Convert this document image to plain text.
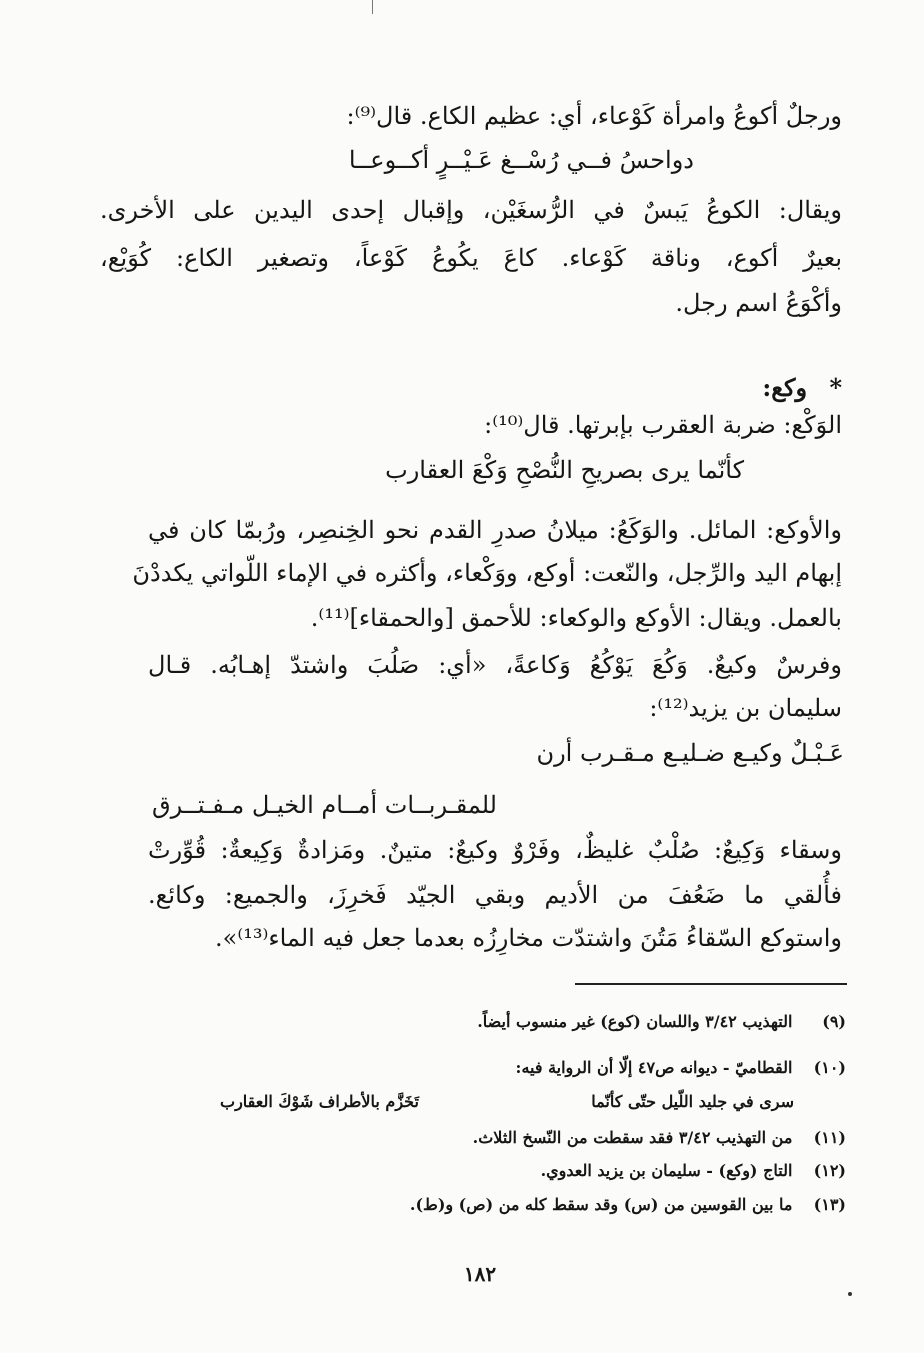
ورجلٌ أكوعُ وامرأة كَوْعاء، أي: عظيم الكاع. قال⁽⁹⁾:
دواحسُ فــي رُسْــغ عَـيْــرٍ أكــوعــا
ويقال: الكوعُ يَبسٌ في الرُّسغَيْن، وإقبال إحدى اليدين على الأخرى.
بعيرٌ أكوع، وناقة كَوْعاء. كاعَ يكُوعُ كَوْعاً، وتصغير الكاع: كُوَيْع،
وأكْوَعُ اسم رجل.
* وكع:
الوَكْع: ضربة العقرب بإبرتها. قال⁽¹⁰⁾:
كأنّما يرى بصريحِ النُّصْحِ وَكْعَ العقارب
والأوكع: المائل. والوَكَعُ: ميلانُ صدرِ القدم نحو الخِنصِر، ورُبمّا كان في
إبهام اليد والرِّجل، والنّعت: أوكع، ووَكْعاء، وأكثره في الإماء اللّواتي يكددْنَ
بالعمل. ويقال: الأوكع والوكعاء: للأحمق [والحمقاء]⁽¹¹⁾.
وفرسٌ وكيعٌ. وَكُعَ يَوْكُعُ وَكاعةً، «أي: صَلُبَ واشتدّ إهـابُه. قـال
سليمان بن يزيد⁽¹²⁾:
عَـبْـلٌ وكيـع ضـليـع مـقـرب أرن
للمقـربــات أمــام الخيـل مـفـتــرق
وسقاء وَكِيعٌ: صُلْبٌ غليظٌ، وفَرْوٌ وكيعٌ: متينٌ. ومَزادةٌ وَكِيعةٌ: قُوِّرتْ
فأُلقي ما ضَعُفَ من الأديم وبقي الجيّد فَخرِزَ، والجميع: وكائع.
واستوكع السّقاءُ مَتُنَ واشتدّت مخارِزُه بعدما جعل فيه الماء⁽¹³⁾».
(٩) التهذيب ٣/٤٢ واللسان (كوع) غير منسوب أيضاً.
(١٠) القطاميّ - ديوانه ص٤٧ إلّا أن الرواية فيه:
سرى في جليد اللّيل حتّى كأنّما
تَخَزَّم بالأطراف شَوْكَ العقارب
(١١) من التهذيب ٣/٤٢ فقد سقطت من النّسخ الثلاث.
(١٢) التاج (وكع) - سليمان بن يزيد العدوي.
(١٣) ما بين القوسين من (س) وقد سقط كله من (ص) و(ط).
١٨٢
